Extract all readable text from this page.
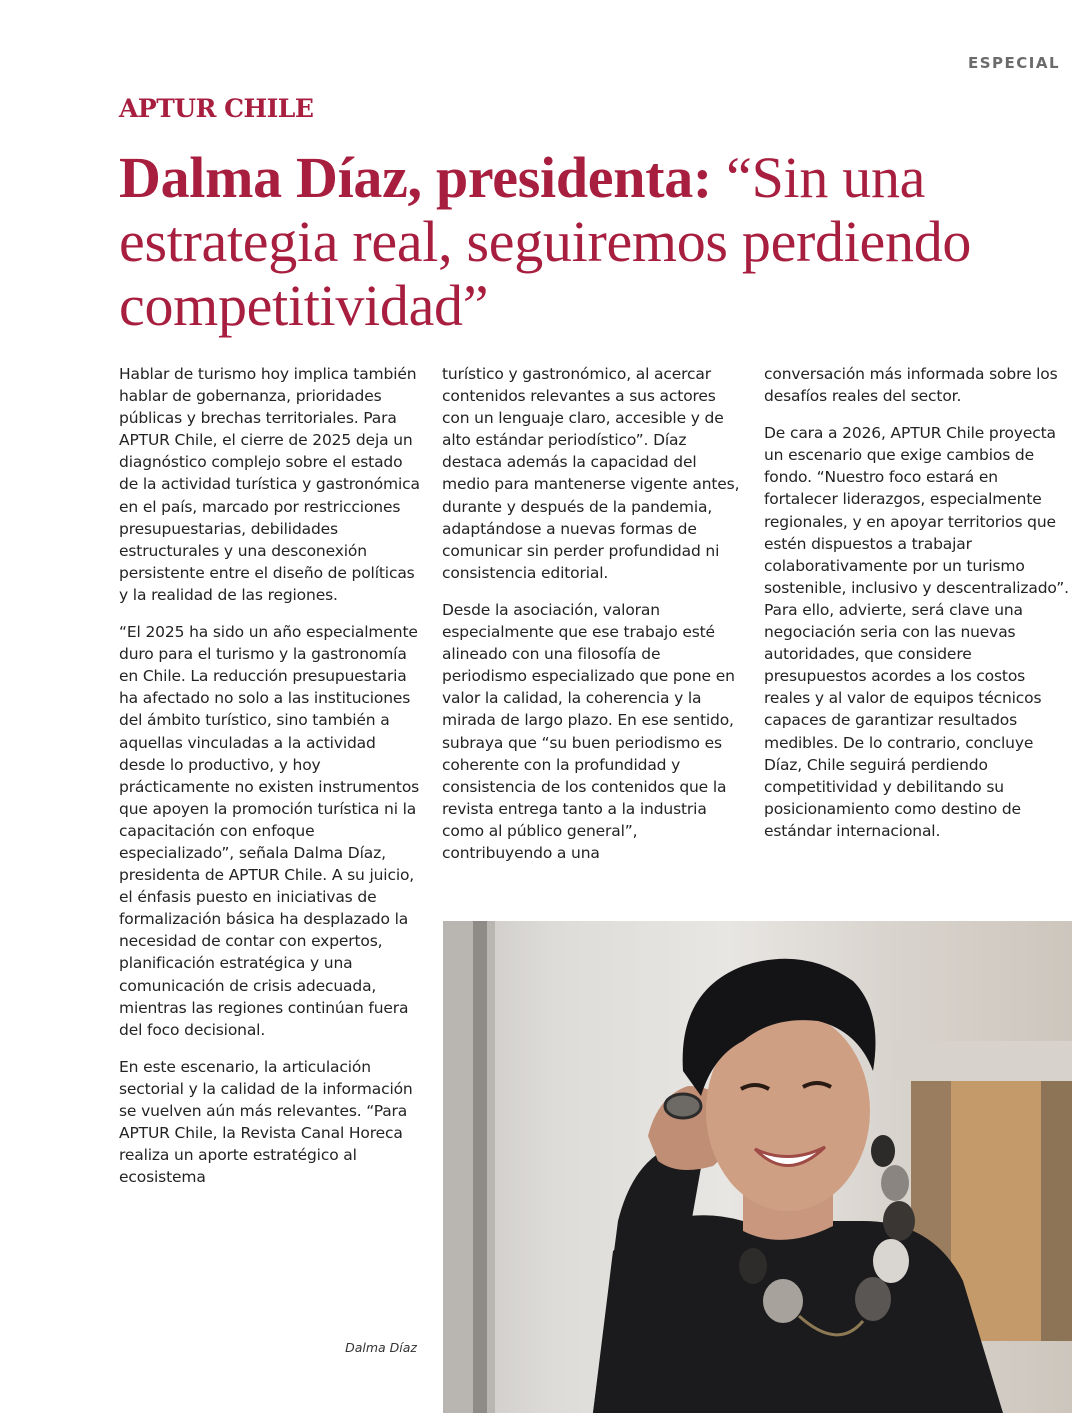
ESPECIAL
APTUR CHILE
Dalma Díaz, presidenta: “Sin una estrategia real, seguiremos perdiendo competitividad”

Hablar de turismo hoy implica también hablar de gobernanza, prioridades públicas y brechas territoriales. Para APTUR Chile, el cierre de 2025 deja un diagnóstico complejo sobre el estado de la actividad turística y gastronómica en el país, marcado por restricciones presupuestarias, debilidades estructurales y una desconexión persistente entre el diseño de políticas y la realidad de las regiones.

“El 2025 ha sido un año especialmente duro para el turismo y la gastronomía en Chile. La reducción presupuestaria ha afectado no solo a las instituciones del ámbito turístico, sino también a aquellas vinculadas a la actividad desde lo productivo, y hoy prácticamente no existen instrumentos que apoyen la promoción turística ni la capacitación con enfoque especializado”, señala Dalma Díaz, presidenta de APTUR Chile. A su juicio, el énfasis puesto en iniciativas de formalización básica ha desplazado la necesidad de contar con expertos, planificación estratégica y una comunicación de crisis adecuada, mientras las regiones continúan fuera del foco decisional.

En este escenario, la articulación sectorial y la calidad de la información se vuelven aún más relevantes. “Para APTUR Chile, la Revista Canal Horeca realiza un aporte estratégico al ecosistema

turístico y gastronómico, al acercar contenidos relevantes a sus actores con un lenguaje claro, accesible y de alto estándar periodístico”. Díaz destaca además la capacidad del medio para mantenerse vigente antes, durante y después de la pandemia, adaptándose a nuevas formas de comunicar sin perder profundidad ni consistencia editorial.

Desde la asociación, valoran especialmente que ese trabajo esté alineado con una filosofía de periodismo especializado que pone en valor la calidad, la coherencia y la mirada de largo plazo. En ese sentido, subraya que “su buen periodismo es coherente con la profundidad y consistencia de los contenidos que la revista entrega tanto a la industria como al público general”, contribuyendo a una

conversación más informada sobre los desafíos reales del sector.

De cara a 2026, APTUR Chile proyecta un escenario que exige cambios de fondo. “Nuestro foco estará en fortalecer liderazgos, especialmente regionales, y en apoyar territorios que estén dispuestos a trabajar colaborativamente por un turismo sostenible, inclusivo y descentralizado”. Para ello, advierte, será clave una negociación seria con las nuevas autoridades, que considere presupuestos acordes a los costos reales y al valor de equipos técnicos capaces de garantizar resultados medibles. De lo contrario, concluye Díaz, Chile seguirá perdiendo competitividad y debilitando su posicionamiento como destino de estándar internacional.

Dalma Díaz
